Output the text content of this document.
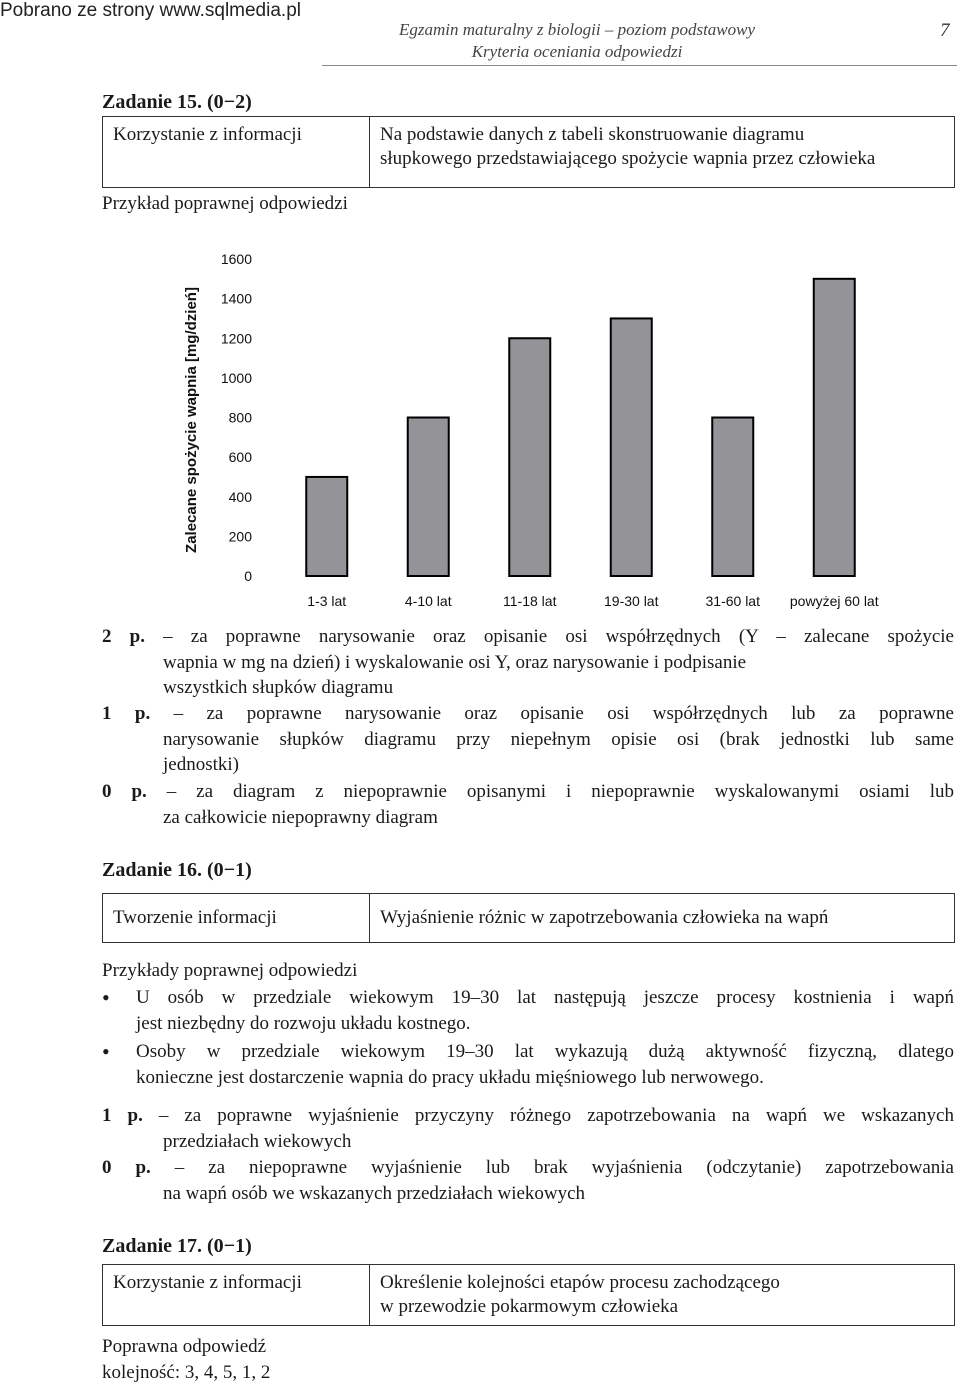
Pobrano ze strony www.sqlmedia.pl
Egzamin maturalny z biologii – poziom podstawowy
Kryteria oceniania odpowiedzi
7
Zadanie 15. (0−2)
Korzystanie z informacji	Na podstawie danych z tabeli skonstruowanie diagramu
słupkowego przedstawiającego spożycie wapnia przez człowieka
Przykład poprawnej odpowiedzi
Zalecane spożycie wapnia [mg/dzień]
0
200
400
600
800
1000
1200
1400
1600
1-3 lat	4-10 lat	11-18 lat	19-30 lat	31-60 lat powyżej 60 lat
2 p. – za poprawne narysowanie oraz opisanie osi współrzędnych (Y – zalecane spożycie
wapnia w mg na dzień) i wyskalowanie osi Y, oraz narysowanie i podpisanie
wszystkich słupków diagramu
1 p. – za poprawne narysowanie oraz opisanie osi współrzędnych lub za poprawne
narysowanie słupków diagramu przy niepełnym opisie osi (brak jednostki lub same
jednostki)
0 p. – za diagram z niepoprawnie opisanymi i niepoprawnie wyskalowanymi osiami lub
za całkowicie niepoprawny diagram
Zadanie 16. (0−1)
Tworzenie informacji	Wyjaśnienie różnic w zapotrzebowania człowieka na wapń
Przykłady poprawnej odpowiedzi
•	U osób w przedziale wiekowym 19–30 lat następują jeszcze procesy kostnienia i wapń
jest niezbędny do rozwoju układu kostnego.
•	Osoby w przedziale wiekowym 19–30 lat wykazują dużą aktywność fizyczną, dlatego
konieczne jest dostarczenie wapnia do pracy układu mięśniowego lub nerwowego.
1 p. – za poprawne wyjaśnienie przyczyny różnego zapotrzebowania na wapń we wskazanych
przedziałach wiekowych
0 p. – za niepoprawne wyjaśnienie lub brak wyjaśnienia (odczytanie) zapotrzebowania
na wapń osób we wskazanych przedziałach wiekowych
Zadanie 17. (0−1)
Korzystanie z informacji	Określenie kolejności etapów procesu zachodzącego
w przewodzie pokarmowym człowieka
Poprawna odpowiedź
kolejność: 3, 4, 5, 1, 2
